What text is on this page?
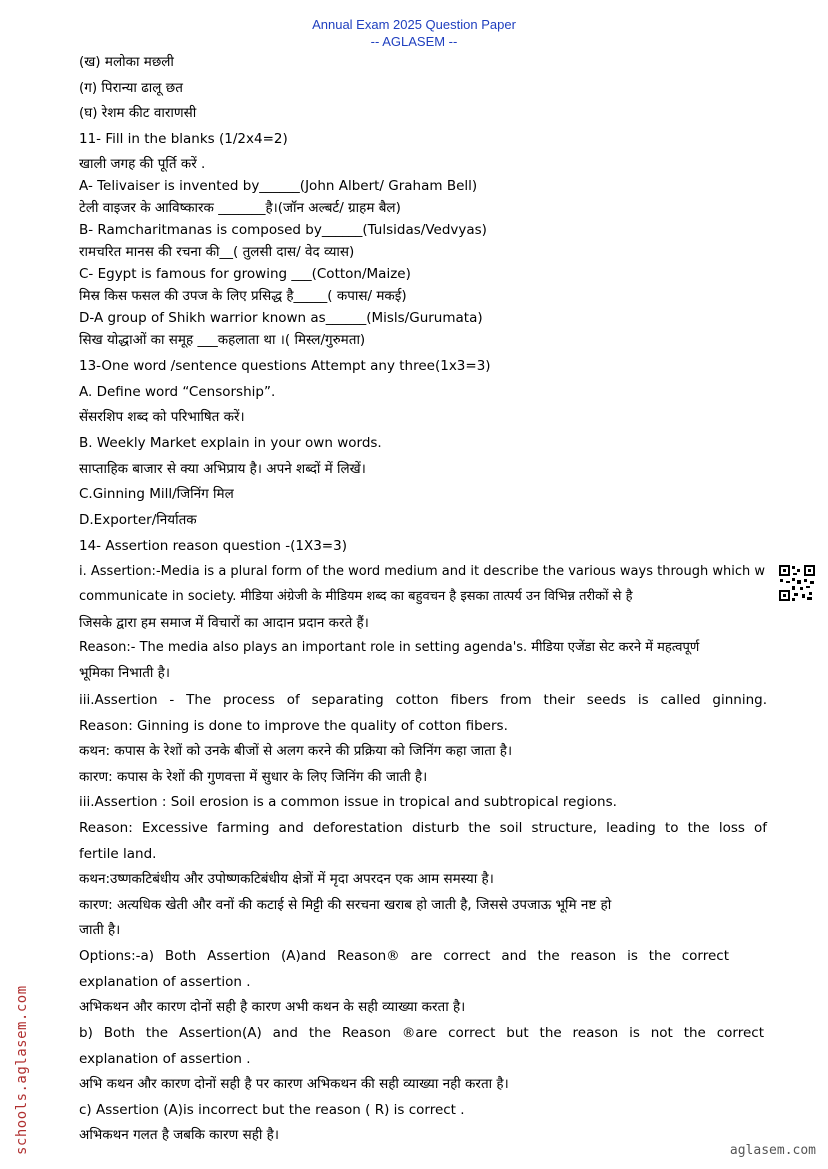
Annual Exam 2025 Question Paper
-- AGLASEM --
(ख) मलोका मछली
(ग) पिरान्या ढालू छत
(घ) रेशम कीट वाराणसी
11- Fill in the blanks (1/2x4=2)
खाली जगह की पूर्ति करें .
A- Telivaiser is invented by______(John Albert/ Graham Bell)
टेली वाइजर के आविष्कारक _______है।(जॉन अल्बर्ट/ ग्राहम बैल)
B- Ramcharitmanas is composed by______(Tulsidas/Vedvyas)
रामचरित मानस की रचना की__( तुलसी दास/ वेद व्यास)
C- Egypt is famous for growing ___(Cotton/Maize)
मिस्र किस फसल की उपज के लिए प्रसिद्ध है_____( कपास/ मकई)
D-A group of Shikh warrior known as______(Misls/Gurumata)
सिख योद्धाओं का समूह ___कहलाता था ।( मिस्ल/गुरुमता)
13-One word /sentence questions Attempt any three(1x3=3)
A. Define word “Censorship”.
सेंसरशिप शब्द को परिभाषित करें।
B. Weekly Market explain in your own words.
साप्ताहिक बाजार से क्या अभिप्राय है। अपने शब्दों में लिखें।
C.Ginning Mill/जिनिंग मिल
D.Exporter/निर्यातक
14- Assertion reason question -(1X3=3)
i. Assertion:-Media is a plural form of the word medium and it describe the various ways through which w
communicate in society. मीडिया अंग्रेजी के मीडियम शब्द का बहुवचन है इसका तात्पर्य उन विभिन्न तरीकों से है
जिसके द्वारा हम समाज में विचारों का आदान प्रदान करते हैं।
Reason:- The media also plays an important role in setting agenda's. मीडिया एजेंडा सेट करने में महत्वपूर्ण
भूमिका निभाती है।
iii.Assertion - The process of separating cotton fibers from their seeds is called ginning.
Reason: Ginning is done to improve the quality of cotton fibers.
कथन: कपास के रेशों को उनके बीजों से अलग करने की प्रक्रिया को जिनिंग कहा जाता है।
कारण: कपास के रेशों की गुणवत्ता में सुधार के लिए जिनिंग की जाती है।
iii.Assertion : Soil erosion is a common issue in tropical and subtropical regions.
Reason: Excessive farming and deforestation disturb the soil structure, leading to the loss of
fertile land.
कथन:उष्णकटिबंधीय और उपोष्णकटिबंधीय क्षेत्रों में मृदा अपरदन एक आम समस्या है।
कारण: अत्यधिक खेती और वनों की कटाई से मिट्टी की सरचना खराब हो जाती है, जिससे उपजाऊ भूमि नष्ट हो
जाती है।
Options:-a) Both Assertion (A)and Reason® are correct and the reason is the correct
explanation of assertion .
अभिकथन और कारण दोनों सही है कारण अभी कथन के सही व्याख्या करता है।
b) Both the Assertion(A) and the Reason ®are correct but the reason is not the correct
explanation of assertion .
अभि कथन और कारण दोनों सही है पर कारण अभिकथन की सही व्याख्या नही करता है।
c) Assertion (A)is incorrect but the reason ( R) is correct .
अभिकथन गलत है जबकि कारण सही है।
schools.aglasem.com	aglasem.com
